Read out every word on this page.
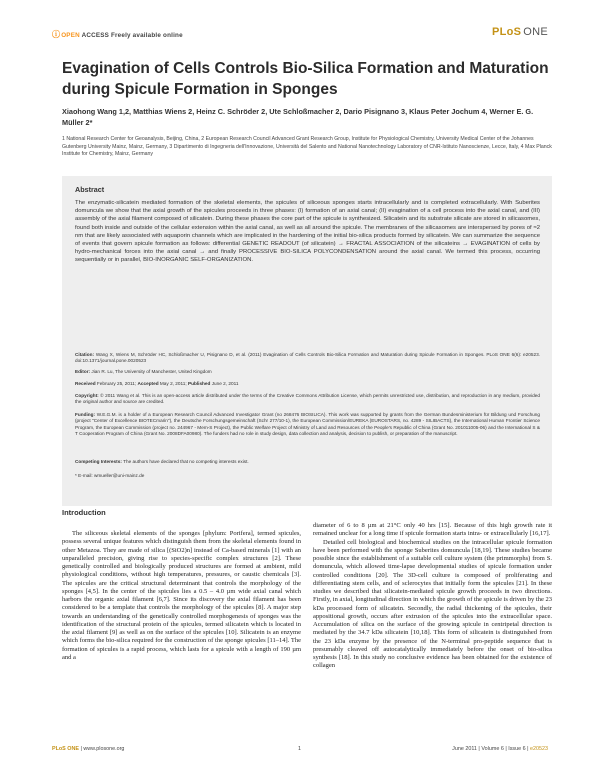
ⓘOPEN ACCESS Freely available online	PLoS ONE
Evagination of Cells Controls Bio-Silica Formation and Maturation during Spicule Formation in Sponges
Xiaohong Wang 1,2, Matthias Wiens 2, Heinz C. Schröder 2, Ute Schloßmacher 2, Dario Pisignano 3, Klaus Peter Jochum 4, Werner E. G. Müller 2*
1 National Research Center for Geoanalysis, Beijing, China, 2 European Research Council Advanced Grant Research Group, Institute for Physiological Chemistry, University Medical Center of the Johannes Gutenberg University Mainz, Mainz, Germany, 3 Dipartimento di Ingegneria dell'Innovazione, Università del Salento and National Nanotechnology Laboratory of CNR-Istituto Nanoscienze, Lecce, Italy, 4 Max Planck Institute for Chemistry, Mainz, Germany
Abstract
The enzymatic-silicatein mediated formation of the skeletal elements, the spicules of siliceous sponges starts intracellularly and is completed extracellularly. With Suberites domuncula we show that the axial growth of the spicules proceeds in three phases: (I) formation of an axial canal; (II) evagination of a cell process into the axial canal, and (III) assembly of the axial filament composed of silicatein. During these phases the core part of the spicule is synthesized. Silicatein and its substrate silicate are stored in silicasomes, found both inside and outside of the cellular extension within the axial canal, as well as all around the spicule. The membranes of the silicasomes are interspersed by pores of ≈2 nm that are likely associated with aquaporin channels which are implicated in the hardening of the initial bio-silica products formed by silicatein. We can summarize the sequence of events that govern spicule formation as follows: differential GENETIC READOUT (of silicatein) → FRACTAL ASSOCIATION of the silicateins → EVAGINATION of cells by hydro-mechanical forces into the axial canal → and finally PROCESSIVE BIO-SILICA POLYCONDENSATION around the axial canal. We termed this process, occurring sequentially or in parallel, BIO-INORGANIC SELF-ORGANIZATION.
Citation: Wang X, Wiens M, Schröder HC, Schloßmacher U, Pisignano D, et al. (2011) Evagination of Cells Controls Bio-Silica Formation and Maturation during Spicule Formation in Sponges. PLoS ONE 6(6): e20523. doi:10.1371/journal.pone.0020523
Editor: Jian R. Lu, The University of Manchester, United Kingdom
Received February 25, 2011; Accepted May 2, 2011; Published June 2, 2011
Copyright: © 2011 Wang et al. This is an open-access article distributed under the terms of the Creative Commons Attribution License, which permits unrestricted use, distribution, and reproduction in any medium, provided the original author and source are credited.
Funding: W.E.G.M. is a holder of a European Research Council Advanced Investigator Grant (no 268476 BIOSILICA). This work was supported by grants from the German Bundesministerium für Bildung und Forschung (project "Center of Excellence BIOTECmarin"), the Deutsche Forschungsgemeinschaft (Schr 277/10-1), the European Commission/EUREKA (EUROSTARS, no. 4289 - SILIBACTS), the International Human Frontier Science Program, the European Commission (project no. 244967 - Mem-S Project), the Public Welfare Project of Ministry of Land and Resources of the People's Republic of China (Grant No. 201011005-06) and the International S & T Cooperation Program of China (Grant No. 2008DFA00980). The funders had no role in study design, data collection and analysis, decision to publish, or preparation of the manuscript.
Competing Interests: The authors have declared that no competing interests exist.
* E-mail: wmueller@uni-mainz.de
Introduction

The siliceous skeletal elements of the sponges [phylum: Porifera], termed spicules, possess several unique features which distinguish them from the skeletal elements found in other Metazoa. They are made of silica [(SiO2)n] instead of Ca-based minerals [1] with an unparalleled precision, giving rise to species-specific complex structures [2]. These genetically controlled and biologically produced structures are formed at ambient, mild physiological conditions, without high temperatures, pressures, or caustic chemicals [3]. The spicules are the critical structural determinant that controls the morphology of the sponges [4,5]. In the center of the spicules lies a 0.5 – 4.0 µm wide axial canal which harbors the organic axial filament [6,7]. Since its discovery the axial filament has been considered to be a template that controls the morphology of the spicules [8]. A major step towards an understanding of the genetically controlled morphogenesis of sponges was the identification of the structural protein of the spicules, termed silicatein which is located in the axial filament [9] as well as on the surface of the spicules [10]. Silicatein is an enzyme which forms the bio-silica required for the construction of the sponge spicules [11–14]. The formation of spicules is a rapid process, which lasts for a spicule with a length of 190 µm and a

diameter of 6 to 8 µm at 21°C only 40 hrs [15]. Because of this high growth rate it remained unclear for a long time if spicule formation starts intra- or extracellularly [16,17].

Detailed cell biological and biochemical studies on the intracellular spicule formation have been performed with the sponge Suberites domuncula [18,19]. These studies became possible since the establishment of a suitable cell culture system (the primmorphs) from S. domuncula, which allowed time-lapse developmental studies of spicule formation under controlled conditions [20]. The 3D-cell culture is composed of proliferating and differentiating stem cells, and of sclerocytes that initially form the spicules [21]. In these studies we described that silicatein-mediated spicule growth proceeds in two directions. Firstly, in axial, longitudinal direction in which the growth of the spicule is driven by the 23 kDa processed form of silicatein. Secondly, the radial thickening of the spicules, their appositional growth, occurs after extrusion of the spicules into the extracellular space. Accumulation of silica on the surface of the growing spicule in centripetal direction is mediated by the 34.7 kDa silicatein [10,18]. This form of silicatein is distinguished from the 23 kDa enzyme by the presence of the N-terminal pro-peptide sequence that is presumably cleaved off autocatalytically immediately before the onset of bio-silica synthesis [18]. In this study no conclusive evidence has been obtained for the existence of collagen

PLoS ONE | www.plosone.org	1	June 2011 | Volume 6 | Issue 6 | e20523
